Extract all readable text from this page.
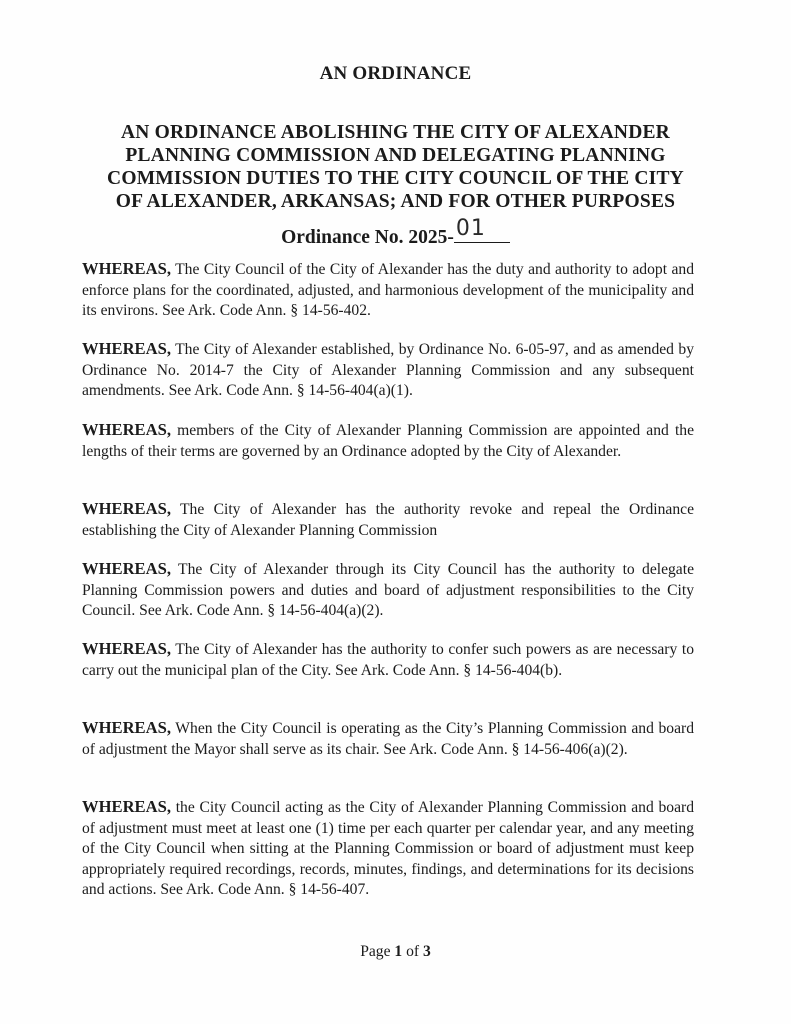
AN ORDINANCE
AN ORDINANCE ABOLISHING THE CITY OF ALEXANDER
PLANNING COMMISSION AND DELEGATING PLANNING
COMMISSION DUTIES TO THE CITY COUNCIL OF THE CITY
OF ALEXANDER, ARKANSAS; AND FOR OTHER PURPOSES
Ordinance No. 2025- 01
WHEREAS, The City Council of the City of Alexander has the duty and authority to adopt and enforce plans for the coordinated, adjusted, and harmonious development of the municipality and its environs. See Ark. Code Ann. § 14-56-402.
WHEREAS, The City of Alexander established, by Ordinance No. 6-05-97, and as amended by Ordinance No. 2014-7 the City of Alexander Planning Commission and any subsequent amendments. See Ark. Code Ann. § 14-56-404(a)(1).
WHEREAS, members of the City of Alexander Planning Commission are appointed and the lengths of their terms are governed by an Ordinance adopted by the City of Alexander.
WHEREAS, The City of Alexander has the authority revoke and repeal the Ordinance establishing the City of Alexander Planning Commission
WHEREAS, The City of Alexander through its City Council has the authority to delegate Planning Commission powers and duties and board of adjustment responsibilities to the City Council. See Ark. Code Ann. § 14-56-404(a)(2).
WHEREAS, The City of Alexander has the authority to confer such powers as are necessary to carry out the municipal plan of the City. See Ark. Code Ann. § 14-56-404(b).
WHEREAS, When the City Council is operating as the City’s Planning Commission and board of adjustment the Mayor shall serve as its chair. See Ark. Code Ann. § 14-56-406(a)(2).
WHEREAS, the City Council acting as the City of Alexander Planning Commission and board of adjustment must meet at least one (1) time per each quarter per calendar year, and any meeting of the City Council when sitting at the Planning Commission or board of adjustment must keep appropriately required recordings, records, minutes, findings, and determinations for its decisions and actions. See Ark. Code Ann. § 14-56-407.
Page 1 of 3
